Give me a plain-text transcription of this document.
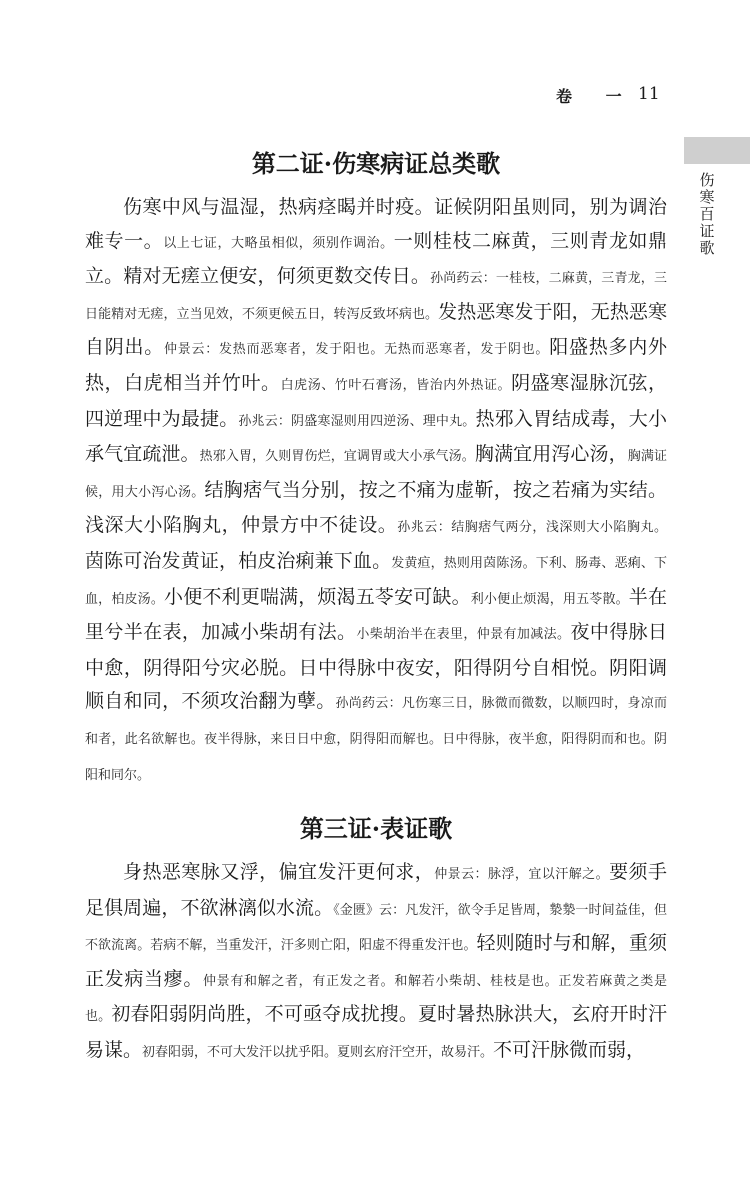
卷 一 11
伤寒百证歌
第二证·伤寒病证总类歌

伤寒中风与温湿，热病痉暍并时疫。证候阴阳虽则同，别为调治难专一。以上七证，大略虽相似，须别作调治。一则桂枝二麻黄，三则青龙如鼎立。精对无瘥立便安，何须更数交传日。孙尚药云：一桂枝，二麻黄，三青龙，三日能精对无瘥，立当见效，不须更候五日，转泻反致坏病也。发热恶寒发于阳，无热恶寒自阴出。仲景云：发热而恶寒者，发于阳也。无热而恶寒者，发于阴也。阳盛热多内外热，白虎相当并竹叶。白虎汤、竹叶石膏汤，皆治内外热证。阴盛寒湿脉沉弦，四逆理中为最捷。孙兆云：阴盛寒湿则用四逆汤、理中丸。热邪入胃结成毒，大小承气宜疏泄。热邪入胃，久则胃伤烂，宜调胃或大小承气汤。胸满宜用泻心汤，胸满证候，用大小泻心汤。结胸痞气当分别，按之不痛为虚靳，按之若痛为实结。浅深大小陷胸丸，仲景方中不徒设。孙兆云：结胸痞气两分，浅深则大小陷胸丸。茵陈可治发黄证，柏皮治痢兼下血。发黄疸，热则用茵陈汤。下利、肠毒、恶痢、下血，柏皮汤。小便不利更喘满，烦渴五苓安可缺。利小便止烦渴，用五苓散。半在里兮半在表，加减小柴胡有法。小柴胡治半在表里，仲景有加减法。夜中得脉日中愈，阴得阳兮灾必脱。日中得脉中夜安，阳得阴兮自相悦。阴阳调顺自和同，不须攻治翻为孽。孙尚药云：凡伤寒三日，脉微而微数，以顺四时，身凉而和者，此名欲解也。夜半得脉，来日日中愈，阴得阳而解也。日中得脉，夜半愈，阳得阴而和也。阴阳和同尔。

第三证·表证歌

身热恶寒脉又浮，偏宜发汗更何求，仲景云：脉浮，宜以汗解之。要须手足俱周遍，不欲淋漓似水流。《金匮》云：凡发汗，欲令手足皆周，漐漐一时间益佳，但不欲流离。若病不解，当重发汗，汗多则亡阳，阳虚不得重发汗也。轻则随时与和解，重须正发病当瘳。仲景有和解之者，有正发之者。和解若小柴胡、桂枝是也。正发若麻黄之类是也。初春阳弱阴尚胜，不可亟夺成扰搜。夏时暑热脉洪大，玄府开时汗易谋。初春阳弱，不可大发汗以扰乎阳。夏则玄府汗空开，故易汗。不可汗脉微而弱，
